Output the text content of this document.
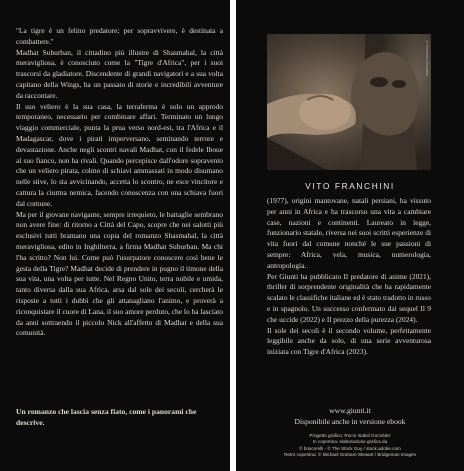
"La tigre è un felino predatore; per sopravvivere, è destinata a combattere."

Madhat Suburban, il cittadino più illustre di Shasmahal, la città meravigliosa, è conosciuto come la "Tigre d'Africa", per i suoi trascorsi da gladiatore. Discendente di grandi navigatori e a sua volta capitano della Wings, ha un passato di storie e incredibili avventure da raccontare.

Il suo veliero è la sua casa, la terraferma è solo un approdo temporaneo, necessario per combinare affari. Terminato un lungo viaggio commerciale, punta la prua verso nord-est, tra l'Africa e il Madagascar, dove i pirati imperversano, seminando terrore e devastazione. Anche negli scontri navali Madhat, con il fedele Iboue al suo fianco, non ha rivali. Quando percepisce dall'odore sopravento che un veliero pirata, colmo di schiavi ammassati in modo disumano nelle stive, lo sta avvicinando, accetta lo scontro, ne esce vincitore e cattura la ciurma nemica, facendo conoscenza con una schiava fuori dal comune.

Ma per il giovane navigante, sempre irrequieto, le battaglie sembrano non avere fine: di ritorno a Città del Capo, scopre che nei salotti più esclusivi tutti bramano una copia del romanzo Shasmahal, la città meravigliosa, edito in Inghilterra, a firma Madhat Suburban. Ma chi l'ha scritto? Non lui. Come può l'usurpatore conoscere così bene le gesta della Tigre? Madhat decide di prendere in pugno il timone della sua vita, una volta per tutte. Nel Regno Unito, terra nobile e umida, tanto diversa dalla sua Africa, arsa dal sole dei secoli, cercherà le risposte a tutti i dubbi che gli attanagliano l'animo, e proverà a riconquistare il cuore di Lana, il suo amore perduto, che lo ha lasciato da anni sottraendo il piccolo Nick all'affetto di Madhat e della sua comunità.

Un romanzo che lascia senza fiato, come i panorami che descrive.
©Vincenzo Nicolello
VITO FRANCHINI

(1977), origini mantovane, natali persiani, ha vissuto per anni in Africa e ha trascorso una vita a cambiare case, nazioni e continenti. Laureato in legge, funzionario statale, riversa nei suoi scritti esperienze di vita fuori dal comune nonché le sue passioni di sempre: Africa, vela, musica, numerologia, antropologia.

Per Giunti ha pubblicato Il predatore di anime (2021), thriller di sorprendente originalità che ha rapidamente scalato le classifiche italiane ed è stato tradotto in russo e in spagnolo. Un successo confermato dai sequel Il 9 che uccide (2022) e Il prezzo della purezza (2024).

Il sole dei secoli è il secondo volume, perfettamente leggibile anche da solo, di una serie avventurosa iniziata con Tigre d'Africa (2023).

www.giunti.it
Disponibile anche in versione ebook
Progetto grafico: Rocío Isabel González
In copertina: elaborazione grafica da
© boscorelli - © The Stock Guy / stock.adobe.com
Retro copertina: © Michael Graham-Stewart / Bridgeman Images
